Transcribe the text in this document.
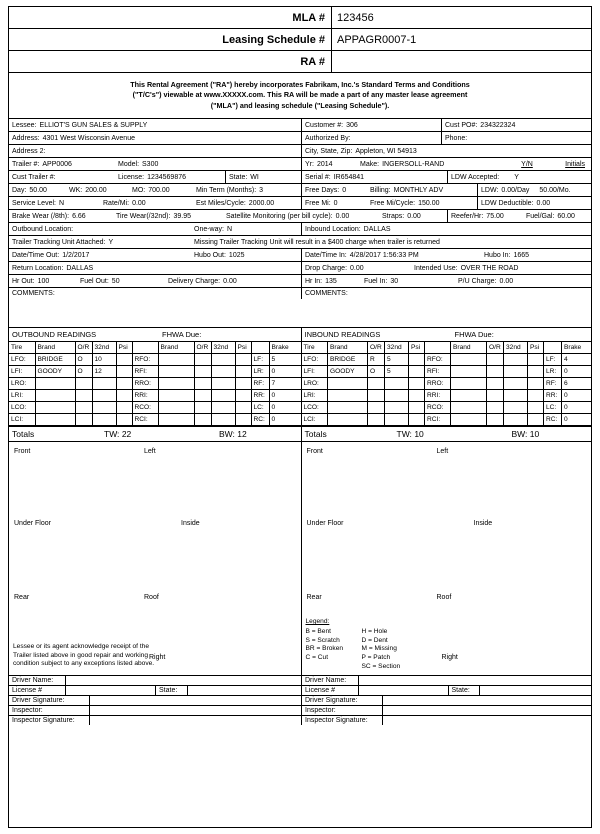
MLA #	123456
Leasing Schedule #	APPAGR0007-1
RA #
This Rental Agreement ("RA") hereby incorporates Fabrikam, Inc.'s Standard Terms and Conditions
("T/C's") viewable at www.XXXXX.com. This RA will be made a part of any master lease agreement
("MLA") and leasing schedule ("Leasing Schedule").
Lessee: ELLIOT'S GUN SALES & SUPPLY	Customer #: 306	Cust PO#: 234322324
Address: 4301 West Wisconsin Avenue	Authorized By:	Phone:
Address 2:	City, State, Zip: Appleton, WI 54913
Trailer #: APP0006	Model: S300	Yr: 2014	Make: INGERSOLL-RAND	Y/N	Initials
Cust Trailer #:	License: 1234569876	State: WI	Serial #: IR654841	LDW Accepted: Y
Day: 50.00	WK: 200.00	MO: 700.00	Min Term (Months): 3	Free Days: 0	Billing: MONTHLY ADV	LDW: 0.00/Day 50.00/Mo.
Service Level: N	Rate/Mi: 0.00	Est Miles/Cycle: 2000.00	Free Mi: 0	Free Mi/Cycle: 150.00	LDW Deductible: 0.00
Brake Wear (/8th): 6.66	Tire Wear(/32nd): 39.95	Satellite Monitoring (per bill cycle): 0.00	Straps: 0.00	Reefer/Hr: 75.00	Fuel/Gal: 60.00
Outbound Location:	One-way: N	Inbound Location: DALLAS
Trailer Tracking Unit Attached: Y	Missing Trailer Tracking Unit will result in a $400 charge when trailer is returned
Date/Time Out: 1/2/2017	Hubo Out: 1025	Date/Time In: 4/28/2017 1:56:33 PM	Hubo In: 1665
Return Location: DALLAS	Drop Charge: 0.00	Intended Use: OVER THE ROAD
Hr Out: 100	Fuel Out: 50	Delivery Charge: 0.00	Hr In: 135	Fuel In: 30	P/U Charge: 0.00
COMMENTS:	COMMENTS:
OUTBOUND READINGS	FHWA Due:
Tire	Brand	O/R	32nd	Psi		Brand	O/R	32nd	Psi		Brake
LFO:	BRIDGE	O	10		RFO:					LF:	5
LFI:	GOODY	O	12		RFI:					LR:	0
LRO:					RRO:					RF:	7
LRI:					RRI:					RR:	0
LCO:					RCO:					LC:	0
LCI:					RCI:					RC:	0
Totals	TW: 22	BW: 12
INBOUND READINGS	FHWA Due:
Tire	Brand	O/R	32nd	Psi		Brand	O/R	32nd	Psi		Brake
LFO:	BRIDGE	R	5		RFO:					LF:	4
LFI:	GOODY	O	5		RFI:					LR:	0
LRO:					RRO:					RF:	6
LRI:					RRI:					RR:	0
LCO:					RCO:					LC:	0
LCI:					RCI:					RC:	0
Totals	TW: 10	BW: 10
Front	Left
Under Floor	Inside
Rear	Roof
Right
Lessee or its agent acknowledge receipt of the Trailer listed above in good repair and working condition subject to any exceptions listed above.
Front	Left
Under Floor	Inside
Rear	Roof
Right
Legend:
B = Bent	H = Hole
S = Scratch	D = Dent
BR = Broken	M = Missing
C = Cut	P = Patch
	SC = Section
Driver Name:	Driver Name:
License #	State:	License #	State:
Driver Signature:	Driver Signature:
Inspector:	Inspector:
Inspector Signature:	Inspector Signature:
